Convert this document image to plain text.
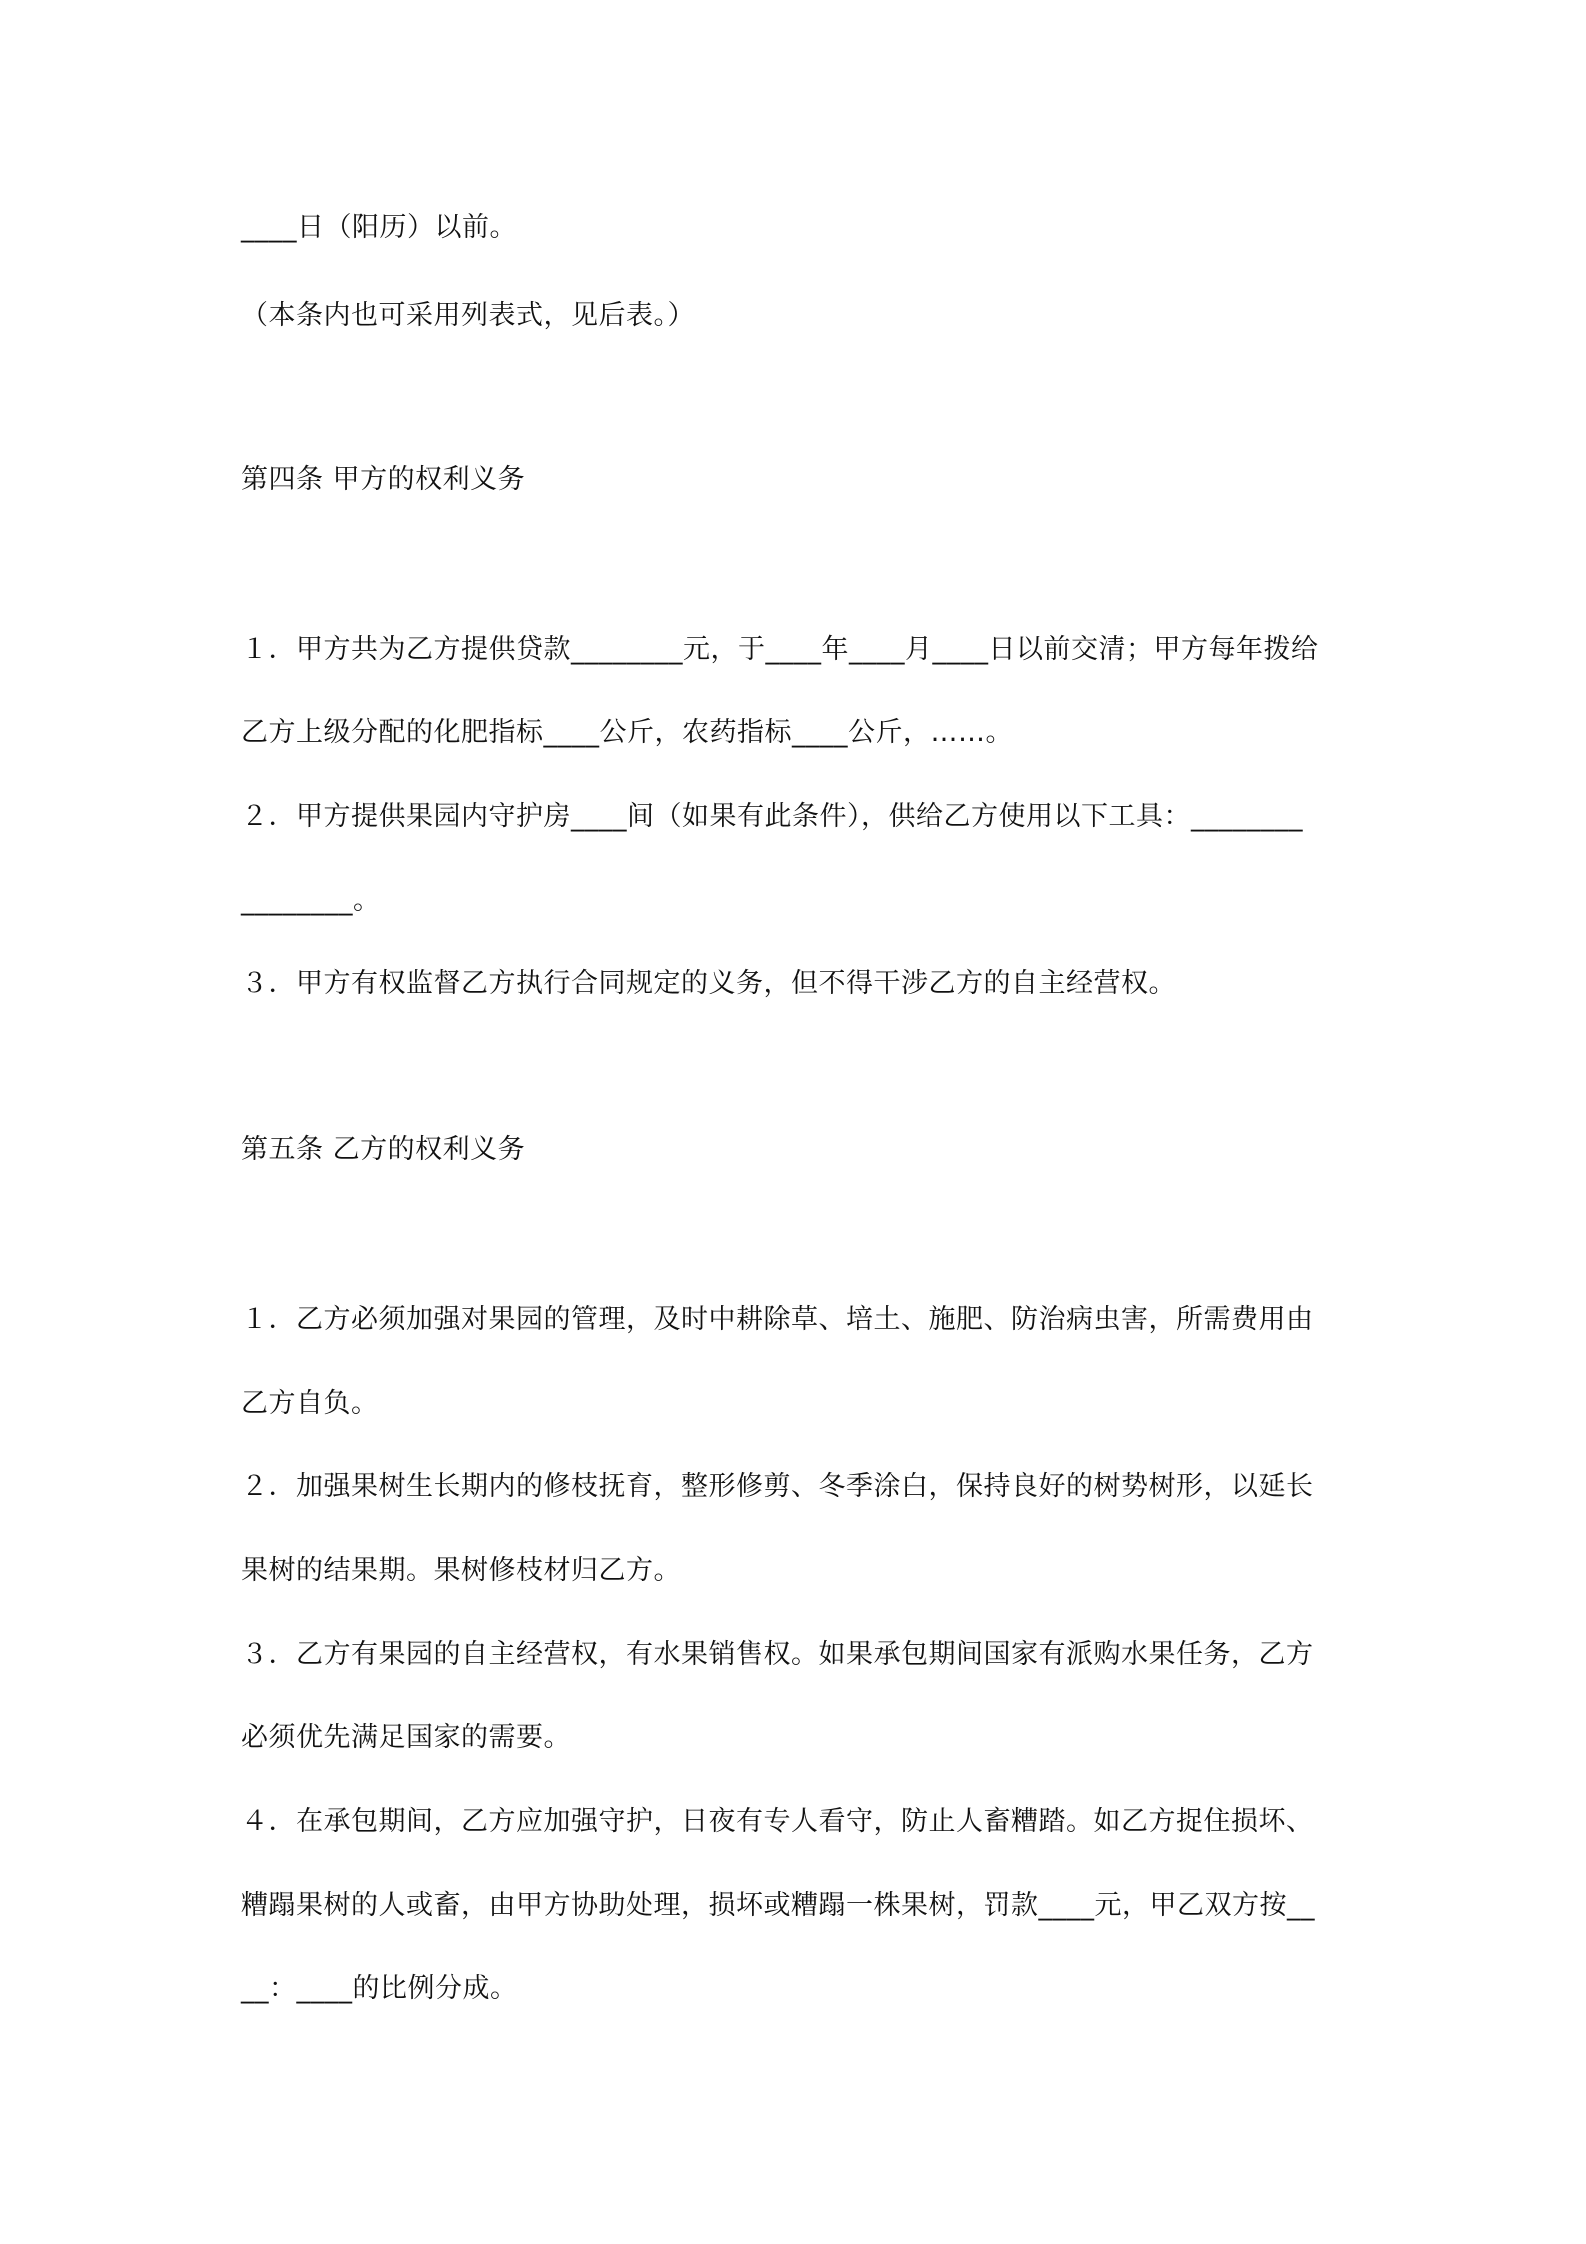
____日（阳历）以前。
（本条内也可采用列表式，见后表。）
第四条 甲方的权利义务
１．甲方共为乙方提供贷款________元，于____年____月____日以前交清；甲方每年拨给
乙方上级分配的化肥指标____公斤，农药指标____公斤，……。
２．甲方提供果园内守护房____间（如果有此条件），供给乙方使用以下工具：________
________。
３．甲方有权监督乙方执行合同规定的义务，但不得干涉乙方的自主经营权。
第五条 乙方的权利义务
１．乙方必须加强对果园的管理，及时中耕除草、培土、施肥、防治病虫害，所需费用由
乙方自负。
２．加强果树生长期内的修枝抚育，整形修剪、冬季涂白，保持良好的树势树形，以延长
果树的结果期。果树修枝材归乙方。
３．乙方有果园的自主经营权，有水果销售权。如果承包期间国家有派购水果任务，乙方
必须优先满足国家的需要。
４．在承包期间，乙方应加强守护，日夜有专人看守，防止人畜糟踏。如乙方捉住损坏、
糟蹋果树的人或畜，由甲方协助处理，损坏或糟蹋一株果树，罚款____元，甲乙双方按__
__：____的比例分成。
